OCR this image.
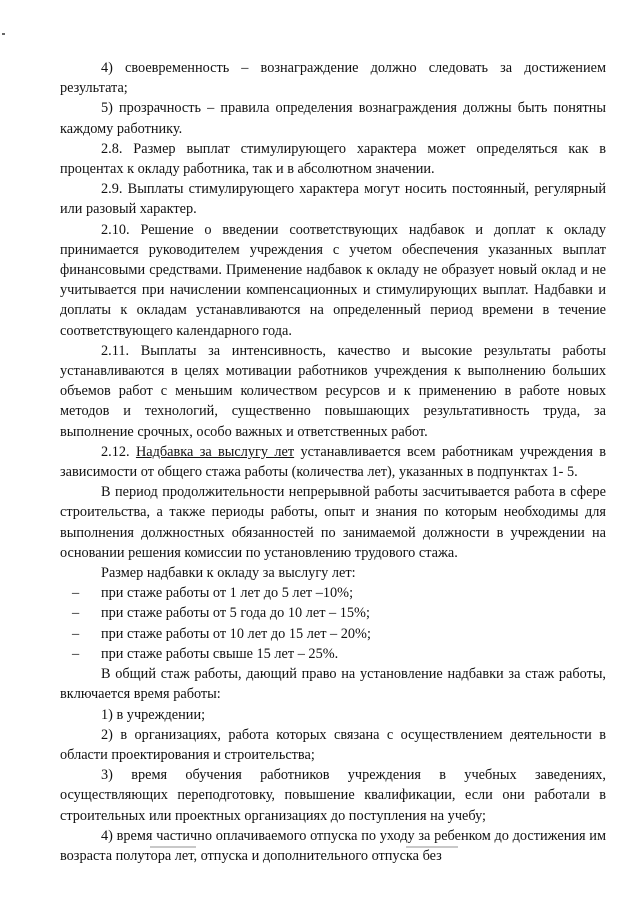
4) своевременность – вознаграждение должно следовать за достижением результата;

5) прозрачность – правила определения вознаграждения должны быть понятны каждому работнику.

2.8. Размер выплат стимулирующего характера может определяться как в процентах к окладу работника, так и в абсолютном значении.

2.9. Выплаты стимулирующего характера могут носить постоянный, регулярный или разовый характер.

2.10. Решение о введении соответствующих надбавок и доплат к окладу принимается руководителем учреждения с учетом обеспечения указанных выплат финансовыми средствами. Применение надбавок к окладу не образует новый оклад и не учитывается при начислении компенсационных и стимулирующих выплат. Надбавки и доплаты к окладам устанавливаются на определенный период времени в течение соответствующего календарного года.

2.11. Выплаты за интенсивность, качество и высокие результаты работы устанавливаются в целях мотивации работников учреждения к выполнению больших объемов работ с меньшим количеством ресурсов и к применению в работе новых методов и технологий, существенно повышающих результативность труда, за выполнение срочных, особо важных и ответственных работ.

2.12. Надбавка за выслугу лет устанавливается всем работникам учреждения в зависимости от общего стажа работы (количества лет), указанных в подпунктах 1- 5.

В период продолжительности непрерывной работы засчитывается работа в сфере строительства, а также периоды работы, опыт и знания по которым необходимы для выполнения должностных обязанностей по занимаемой должности в учреждении на основании решения комиссии по установлению трудового стажа.

Размер надбавки к окладу за выслугу лет:

– при стаже работы от 1 лет до 5 лет –10%;

– при стаже работы от 5 года до 10 лет – 15%;

– при стаже работы от 10 лет до 15 лет – 20%;

– при стаже работы свыше 15 лет – 25%.

В общий стаж работы, дающий право на установление надбавки за стаж работы, включается время работы:

1) в учреждении;

2) в организациях, работа которых связана с осуществлением деятельности в области проектирования и строительства;

3) время обучения работников учреждения в учебных заведениях, осуществляющих переподготовку, повышение квалификации, если они работали в строительных или проектных организациях до поступления на учебу;

4) время частично оплачиваемого отпуска по уходу за ребенком до достижения им возраста полутора лет, отпуска и дополнительного отпуска без
